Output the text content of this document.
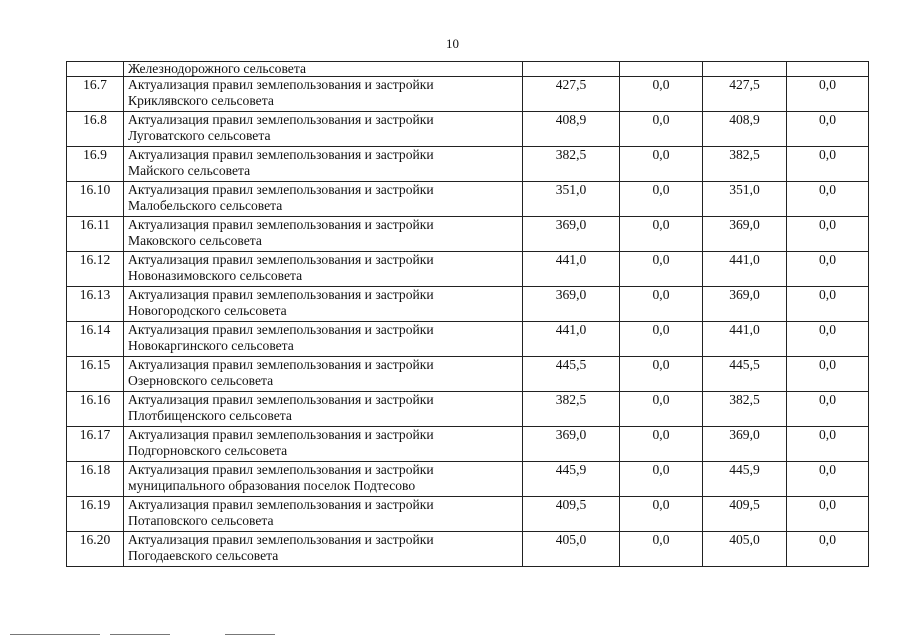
10

	Железнодорожного сельсовета				

16.7	Актуализация правил землепользования и застройки
Криклявского сельсовета	427,5	0,0	427,5	0,0
16.8	Актуализация правил землепользования и застройки
Луговатского сельсовета	408,9	0,0	408,9	0,0
16.9	Актуализация правил землепользования и застройки
Майского сельсовета	382,5	0,0	382,5	0,0
16.10	Актуализация правил землепользования и застройки
Малобельского сельсовета	351,0	0,0	351,0	0,0
16.11	Актуализация правил землепользования и застройки
Маковского сельсовета	369,0	0,0	369,0	0,0
16.12	Актуализация правил землепользования и застройки
Новоназимовского сельсовета	441,0	0,0	441,0	0,0
16.13	Актуализация правил землепользования и застройки
Новогородского сельсовета	369,0	0,0	369,0	0,0
16.14	Актуализация правил землепользования и застройки
Новокаргинского сельсовета	441,0	0,0	441,0	0,0
16.15	Актуализация правил землепользования и застройки
Озерновского сельсовета	445,5	0,0	445,5	0,0
16.16	Актуализация правил землепользования и застройки
Плотбищенского сельсовета	382,5	0,0	382,5	0,0
16.17	Актуализация правил землепользования и застройки
Подгорновского сельсовета	369,0	0,0	369,0	0,0
16.18	Актуализация правил землепользования и застройки
муниципального образования поселок Подтесово	445,9	0,0	445,9	0,0
16.19	Актуализация правил землепользования и застройки
Потаповского сельсовета	409,5	0,0	409,5	0,0
16.20	Актуализация правил землепользования и застройки
Погодаевского сельсовета	405,0	0,0	405,0	0,0
